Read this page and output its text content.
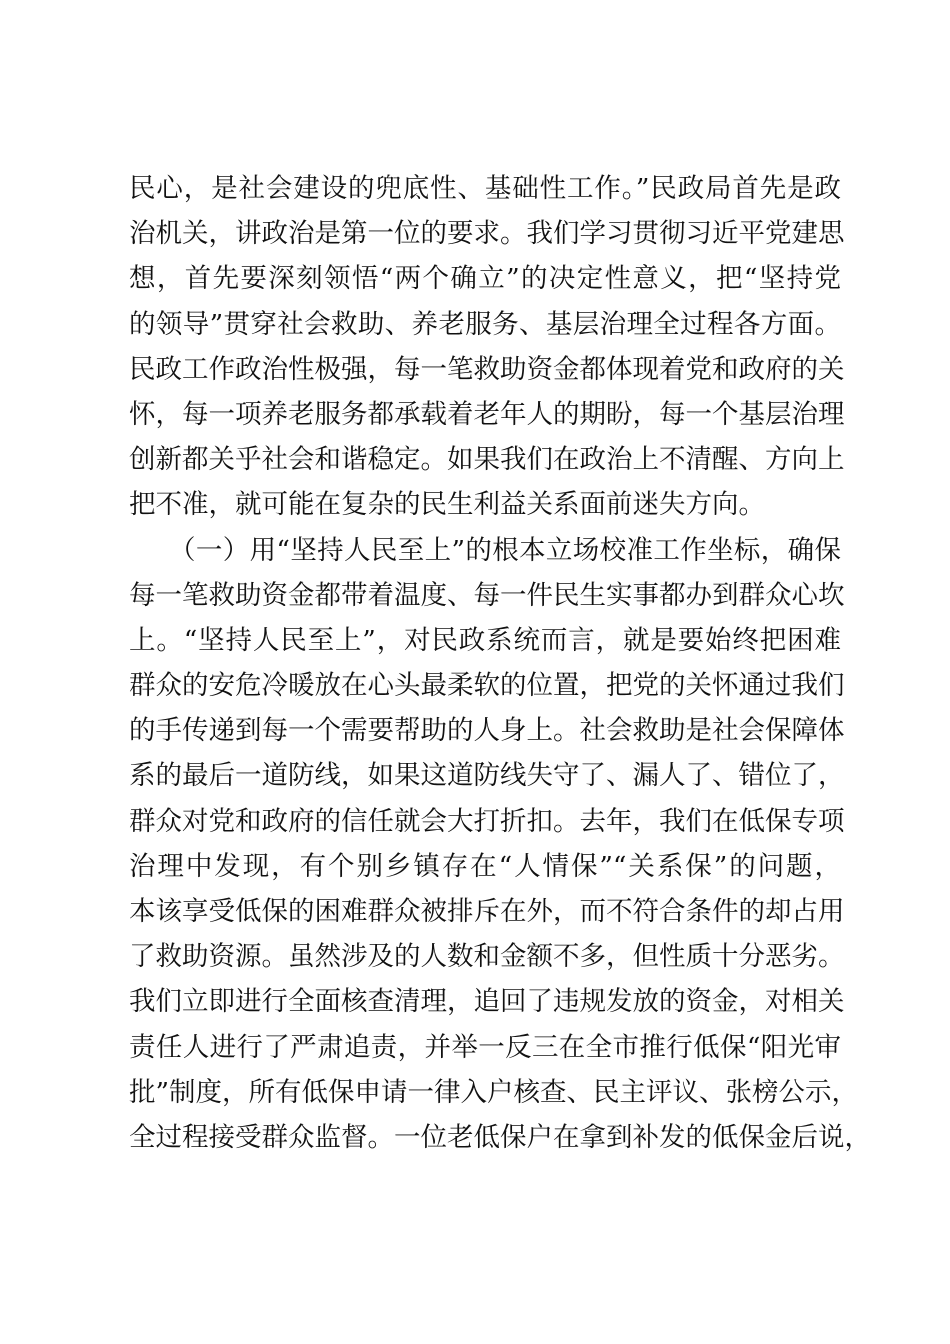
民心，是社会建设的兜底性、基础性工作。”民政局首先是政
治机关，讲政治是第一位的要求。我们学习贯彻习近平党建思
想，首先要深刻领悟“两个确立”的决定性意义，把“坚持党
的领导”贯穿社会救助、养老服务、基层治理全过程各方面。
民政工作政治性极强，每一笔救助资金都体现着党和政府的关
怀，每一项养老服务都承载着老年人的期盼，每一个基层治理
创新都关乎社会和谐稳定。如果我们在政治上不清醒、方向上
把不准，就可能在复杂的民生利益关系面前迷失方向。
（一）用“坚持人民至上”的根本立场校准工作坐标，确保
每一笔救助资金都带着温度、每一件民生实事都办到群众心坎
上。“坚持人民至上”，对民政系统而言，就是要始终把困难
群众的安危冷暖放在心头最柔软的位置，把党的关怀通过我们
的手传递到每一个需要帮助的人身上。社会救助是社会保障体
系的最后一道防线，如果这道防线失守了、漏人了、错位了，
群众对党和政府的信任就会大打折扣。去年，我们在低保专项
治理中发现，有个别乡镇存在“人情保”“关系保”的问题，
本该享受低保的困难群众被排斥在外，而不符合条件的却占用
了救助资源。虽然涉及的人数和金额不多，但性质十分恶劣。
我们立即进行全面核查清理，追回了违规发放的资金，对相关
责任人进行了严肃追责，并举一反三在全市推行低保“阳光审
批”制度，所有低保申请一律入户核查、民主评议、张榜公示，
全过程接受群众监督。一位老低保户在拿到补发的低保金后说，
